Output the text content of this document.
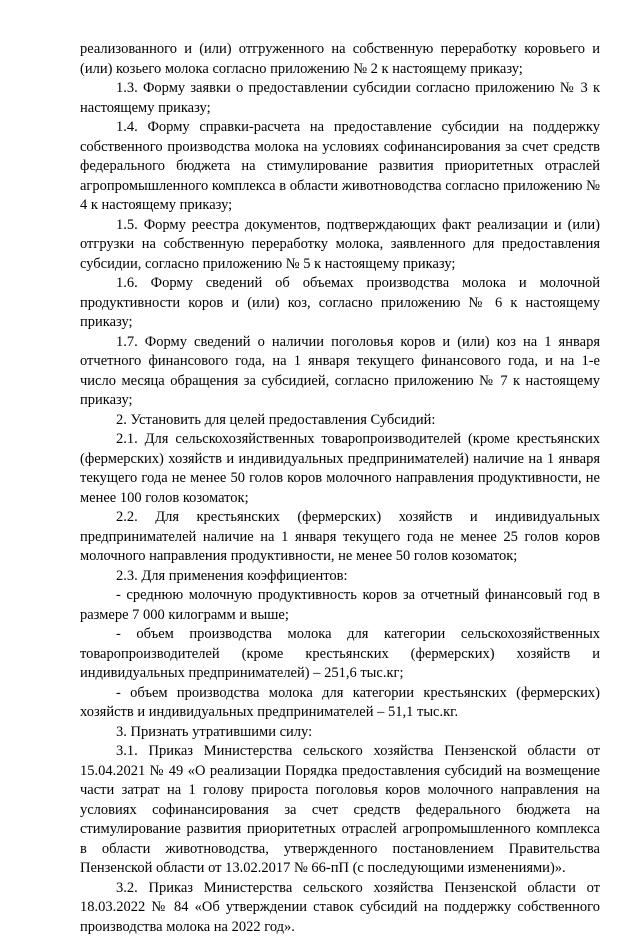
реализованного и (или) отгруженного на собственную переработку коровьего и (или) козьего молока согласно приложению № 2 к настоящему приказу;

1.3. Форму заявки о предоставлении субсидии согласно приложению № 3 к настоящему приказу;

1.4. Форму справки-расчета на предоставление субсидии на поддержку собственного производства молока на условиях софинансирования за счет средств федерального бюджета на стимулирование развития приоритетных отраслей агропромышленного комплекса в области животноводства согласно приложению № 4 к настоящему приказу;

1.5. Форму реестра документов, подтверждающих факт реализации и (или) отгрузки на собственную переработку молока, заявленного для предоставления субсидии, согласно приложению № 5 к настоящему приказу;

1.6. Форму сведений об объемах производства молока и молочной продуктивности коров и (или) коз, согласно приложению № 6 к настоящему приказу;

1.7. Форму сведений о наличии поголовья коров и (или) коз на 1 января отчетного финансового года, на 1 января текущего финансового года, и на 1-е число месяца обращения за субсидией, согласно приложению № 7 к настоящему приказу;

2. Установить для целей предоставления Субсидий:

2.1. Для сельскохозяйственных товаропроизводителей (кроме крестьянских (фермерских) хозяйств и индивидуальных предпринимателей) наличие на 1 января текущего года не менее 50 голов коров молочного направления продуктивности, не менее 100 голов козоматок;

2.2. Для крестьянских (фермерских) хозяйств и индивидуальных предпринимателей наличие на 1 января текущего года не менее 25 голов коров молочного направления продуктивности, не менее 50 голов козоматок;

2.3. Для применения коэффициентов:

- среднюю молочную продуктивность коров за отчетный финансовый год в размере 7 000 килограмм и выше;

- объем производства молока для категории сельскохозяйственных товаропроизводителей (кроме крестьянских (фермерских) хозяйств и индивидуальных предпринимателей) – 251,6 тыс.кг;

- объем производства молока для категории крестьянских (фермерских) хозяйств и индивидуальных предпринимателей – 51,1 тыс.кг.

3. Признать утратившими силу:

3.1. Приказ Министерства сельского хозяйства Пензенской области от 15.04.2021 № 49 «О реализации Порядка предоставления субсидий на возмещение части затрат на 1 голову прироста поголовья коров молочного направления на условиях софинансирования за счет средств федерального бюджета на стимулирование развития приоритетных отраслей агропромышленного комплекса в области животноводства, утвержденного постановлением Правительства Пензенской области от 13.02.2017 № 66-пП (с последующими изменениями)».

3.2. Приказ Министерства сельского хозяйства Пензенской области от 18.03.2022 № 84 «Об утверждении ставок субсидий на поддержку собственного производства молока на 2022 год».
